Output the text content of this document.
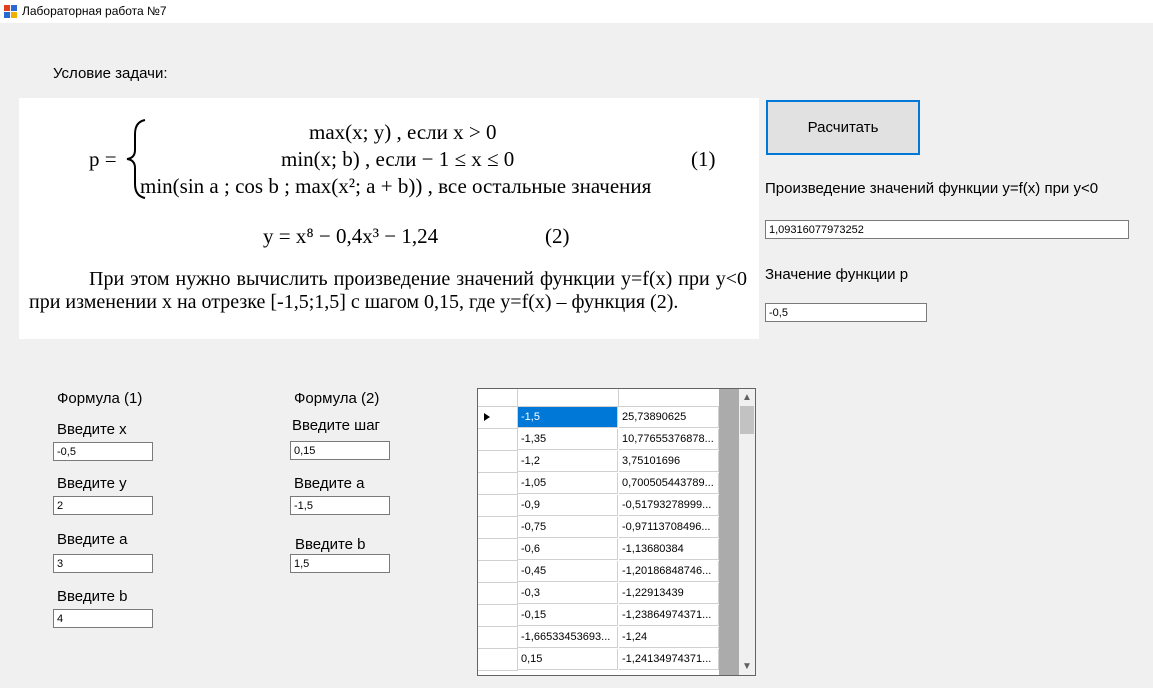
Лабораторная работа №7
Условие задачи:
p =
max(x; y) , если x > 0
min(x; b) , если − 1 ≤ x ≤ 0
min(sin a ; cos b ; max(x²; a + b)) , все остальные значения
(1)
y = x⁸ − 0,4x³ − 1,24	(2)

При этом нужно вычислить произведение значений функции y=f(x) при y<0 при изменении x на отрезке [-1,5;1,5] с шагом 0,15, где y=f(x) – функция (2).

Расчитать
Произведение значений функции y=f(x) при y<0
1,09316077973252
Значение функции р
-0,5
Формула (1)
Введите x
-0,5
Введите y
2
Введите a
3
Введите b
4
Формула (2)
Введите шаг
0,15
Введите a
-1,5
Введите b
1,5
-1,5	25,73890625
-1,35	10,77655376878...
-1,2	3,75101696
-1,05	0,700505443789...
-0,9	-0,51793278999...
-0,75	-0,97113708496...
-0,6	-1,13680384
-0,45	-1,20186848746...
-0,3	-1,22913439
-0,15	-1,23864974371...
-1,66533453693...	-1,24
0,15	-1,24134974371...
▲
▼
